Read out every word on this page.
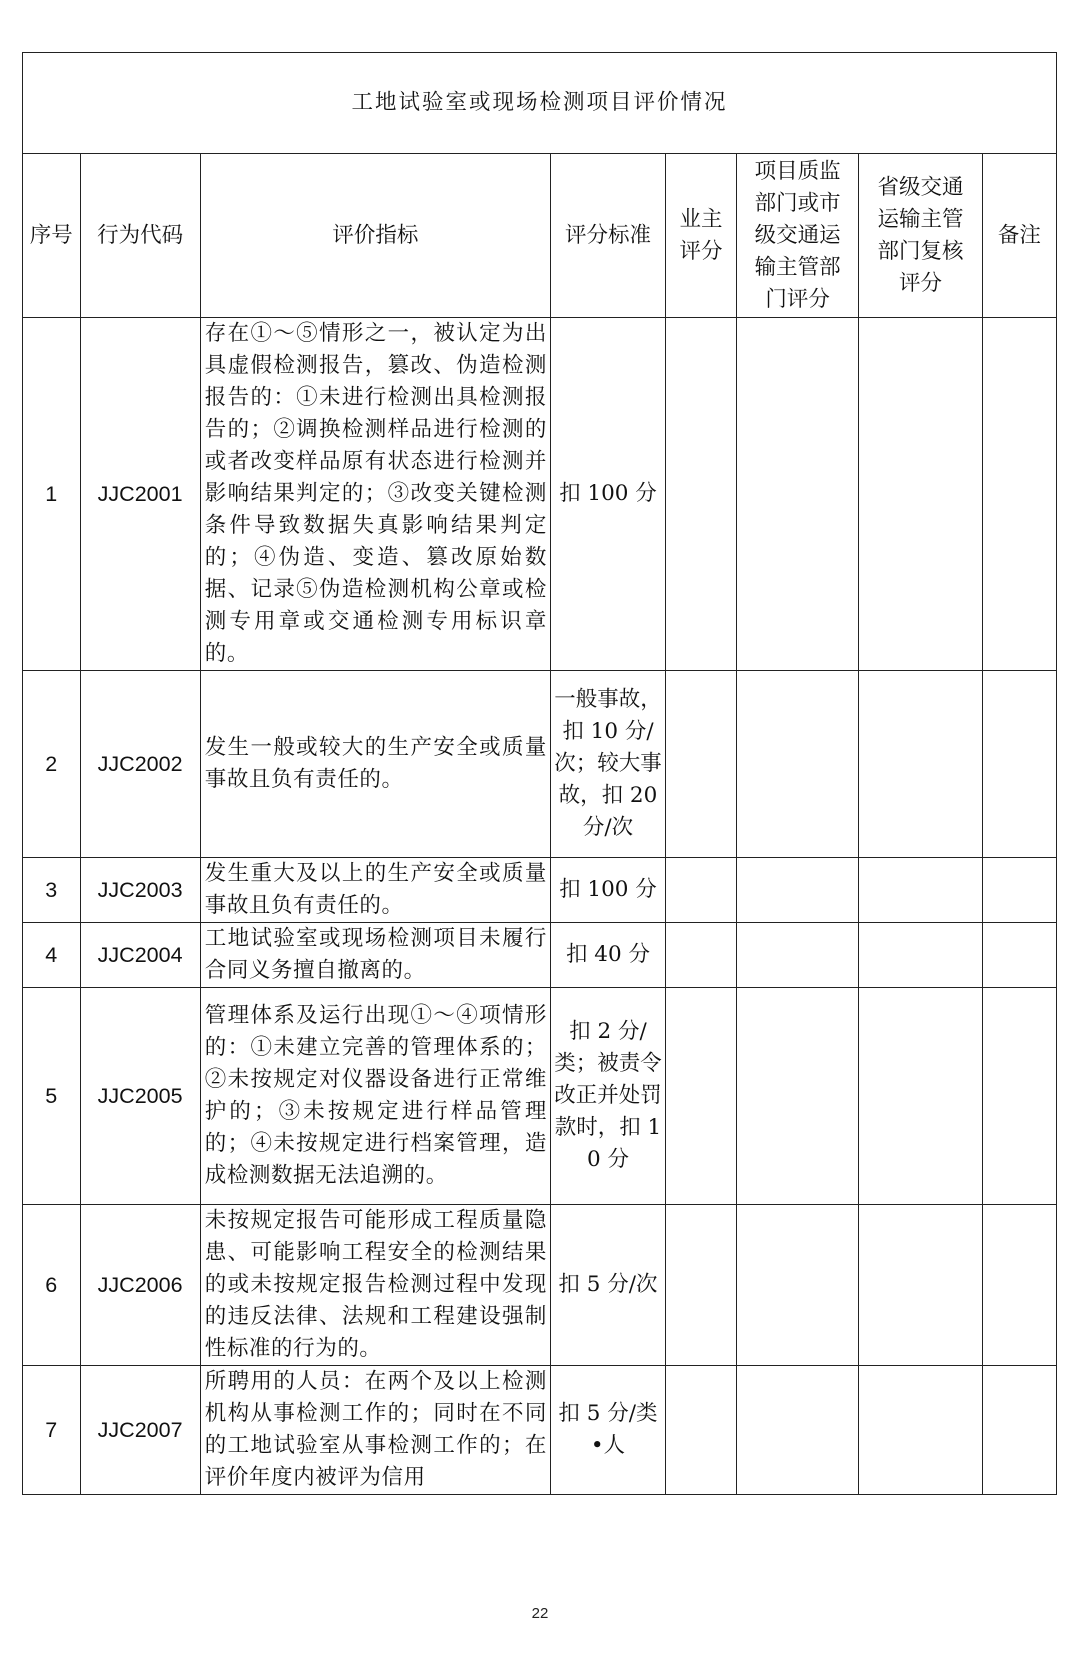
工地试验室或现场检测项目评价情况							
序号	行为代码	评价指标	评分标准	业主评分	项目质监部门或市级交通运输主管部门评分	省级交通运输主管部门复核评分	备注
1	JJC2001	存在①～⑤情形之一，被认定为出具虚假检测报告，篡改、伪造检测报告的：①未进行检测出具检测报告的；②调换检测样品进行检测的或者改变样品原有状态进行检测并影响结果判定的；③改变关键检测条件导致数据失真影响结果判定的；④伪造、变造、篡改原始数据、记录⑤伪造检测机构公章或检测专用章或交通检测专用标识章的。	扣 100 分				
2	JJC2002	发生一般或较大的生产安全或质量事故且负有责任的。	一般事故，扣 10 分/次；较大事故，扣 20 分/次				
3	JJC2003	发生重大及以上的生产安全或质量事故且负有责任的。	扣 100 分				
4	JJC2004	工地试验室或现场检测项目未履行合同义务擅自撤离的。	扣 40 分				
5	JJC2005	管理体系及运行出现①～④项情形的：①未建立完善的管理体系的；②未按规定对仪器设备进行正常维护的；③未按规定进行样品管理的；④未按规定进行档案管理，造成检测数据无法追溯的。	扣 2 分/类；被责令改正并处罚款时，扣 10 分				
6	JJC2006	未按规定报告可能形成工程质量隐患、可能影响工程安全的检测结果的或未按规定报告检测过程中发现的违反法律、法规和工程建设强制性标准的行为的。	扣 5 分/次				
7	JJC2007	所聘用的人员：在两个及以上检测机构从事检测工作的；同时在不同的工地试验室从事检测工作的；在评价年度内被评为信用	扣 5 分/类•人				
22
